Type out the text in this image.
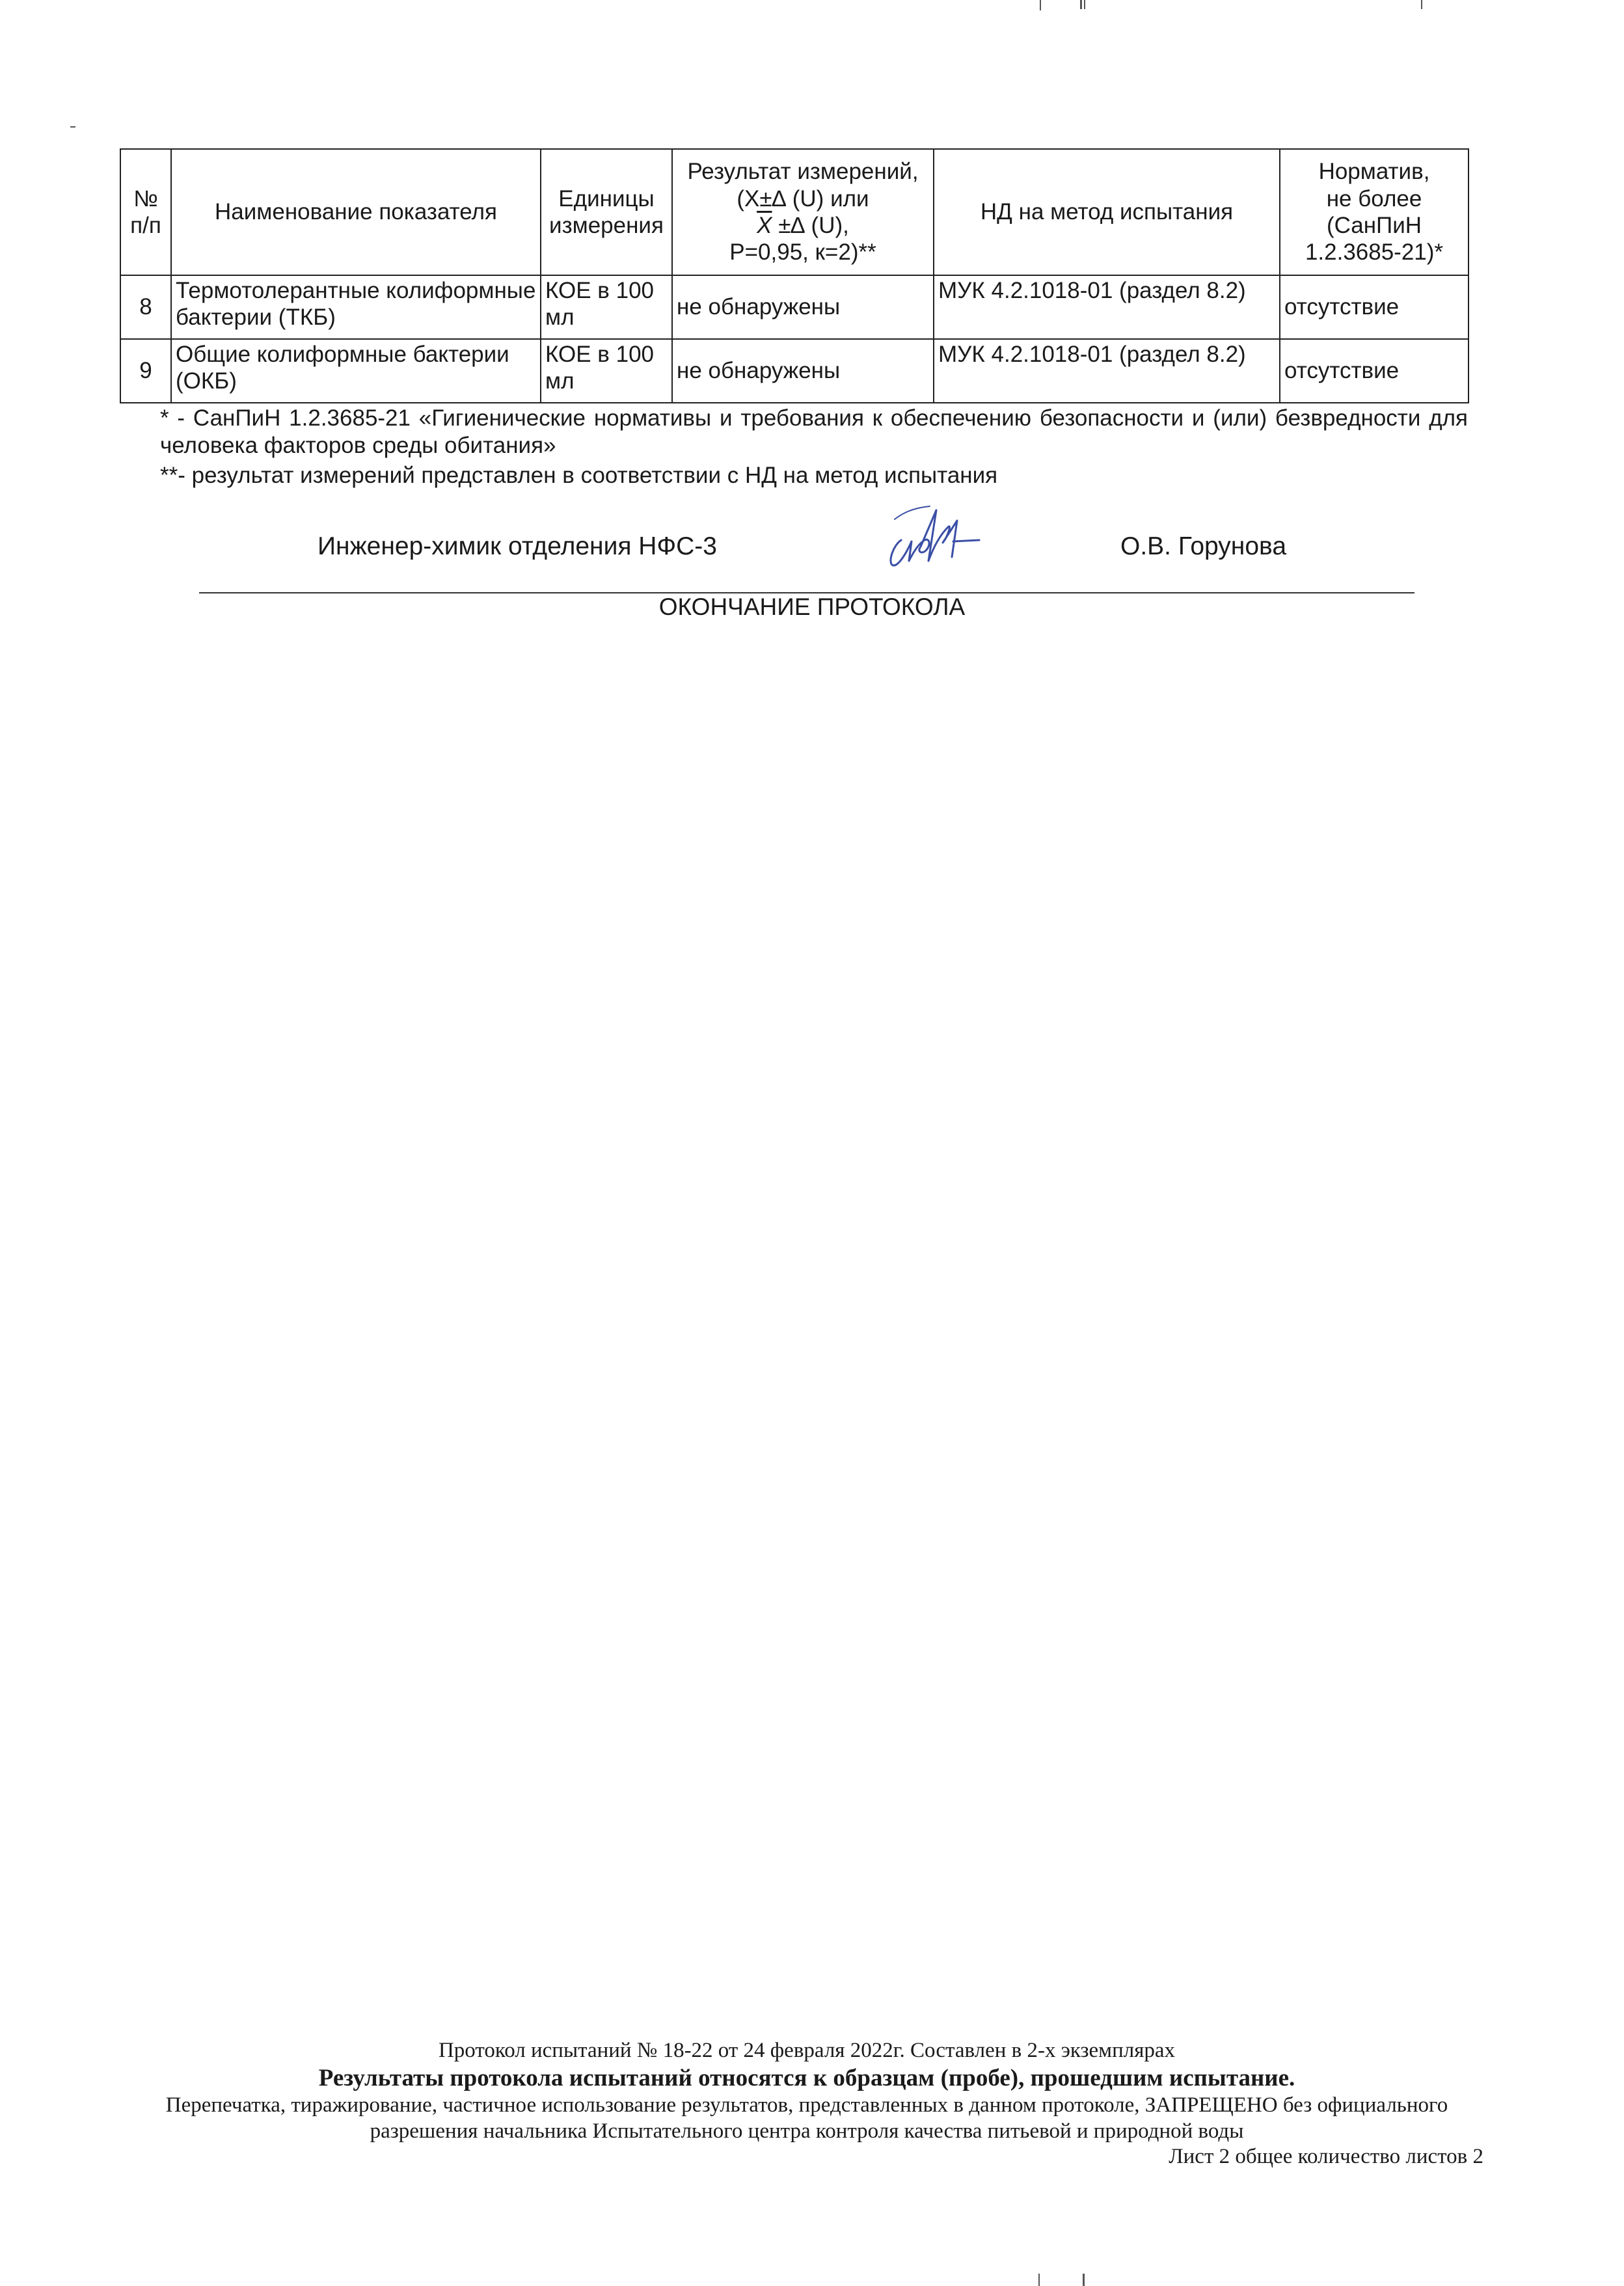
№ п/п	Наименование показателя	Единицы измерения	Результат измерений,
(X±∆ (U) или
$\overline{X}$ ±∆ (U),
Р=0,95, к=2)**	НД на метод испытания	Норматив,
не более
(СанПиН
1.2.3685-21)*

8	Термотолерантные колиформные бактерии (ТКБ)	КОЕ в 100 мл	не обнаружены	МУК 4.2.1018-01 (раздел 8.2)	отсутствие
9	Общие колиформные бактерии (ОКБ)	КОЕ в 100 мл	не обнаружены	МУК 4.2.1018-01 (раздел 8.2)	отсутствие

* - СанПиН 1.2.3685-21 «Гигиенические нормативы и требования к обеспечению безопасности и (или) безвредности для человека факторов среды обитания»

**- результат измерений представлен в соответствии с НД на метод испытания

Инженер-химик отделения НФС-3	О.В. Горунова
ОКОНЧАНИЕ ПРОТОКОЛА

Протокол испытаний № 18-22 от 24 февраля 2022г. Составлен в 2-х экземплярах

Результаты протокола испытаний относятся к образцам (пробе), прошедшим испытание.

Перепечатка, тиражирование, частичное использование результатов, представленных в данном протоколе, ЗАПРЕЩЕНО без официального разрешения начальника Испытательного центра контроля качества питьевой и природной воды

Лист 2 общее количество листов 2
